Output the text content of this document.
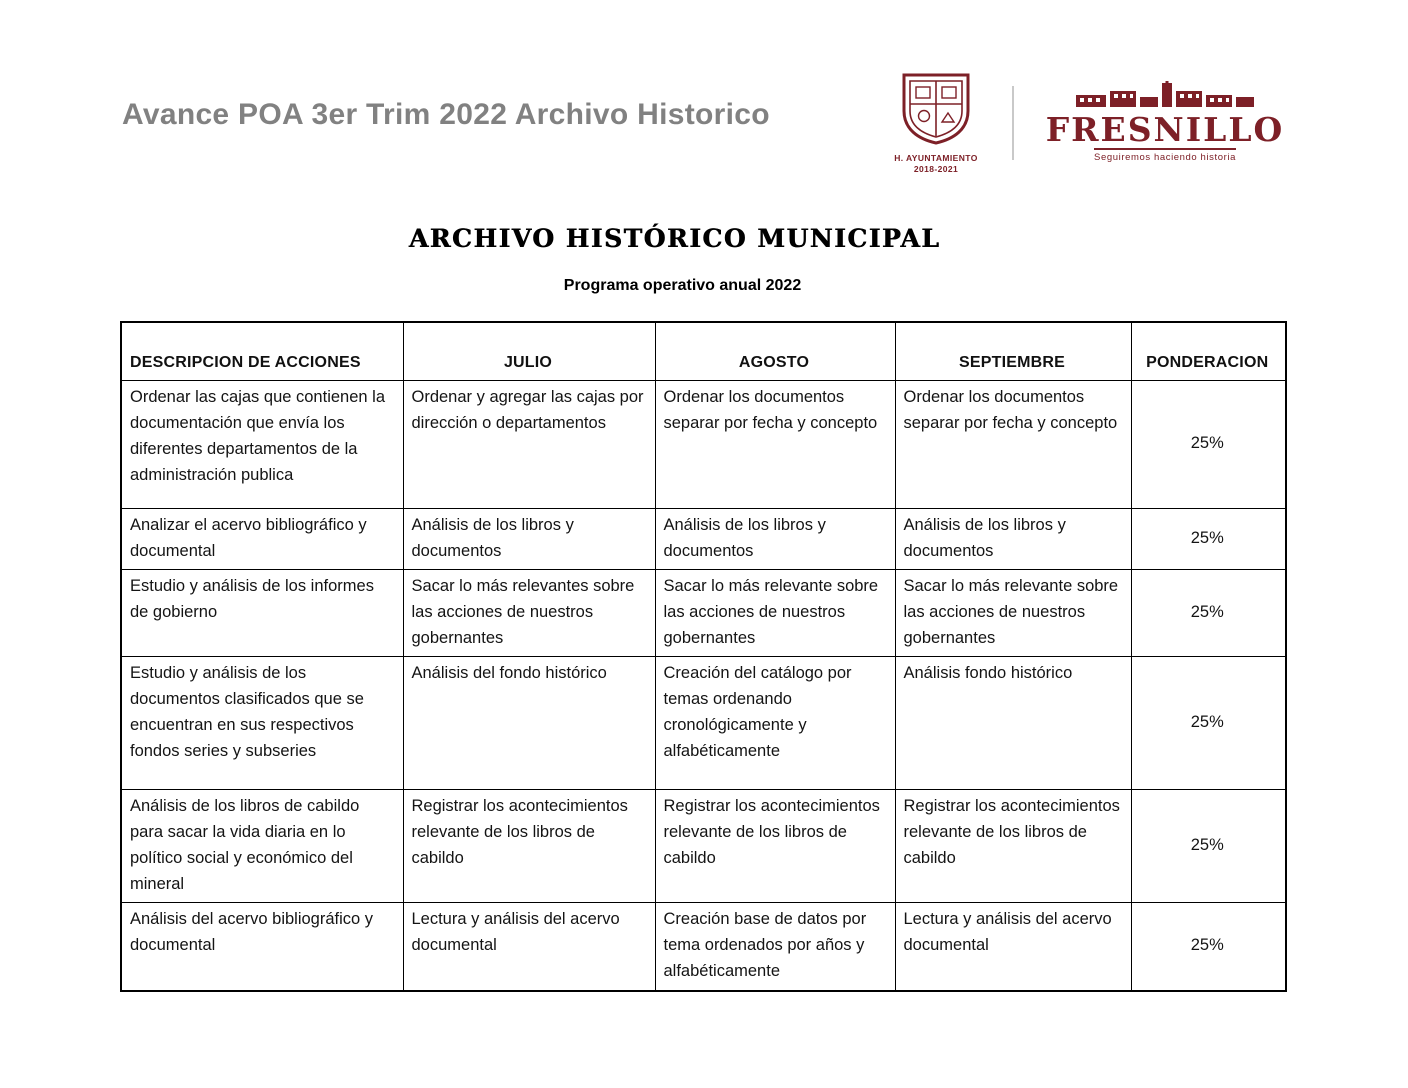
Avance POA 3er Trim 2022 Archivo Historico
H. AYUNTAMIENTO
2018-2021
FRESNILLO
Seguiremos haciendo historia
ARCHIVO HISTÓRICO MUNICIPAL
Programa operativo anual 2022
DESCRIPCION DE ACCIONES	JULIO	AGOSTO	SEPTIEMBRE	PONDERACION
Ordenar las cajas que contienen la documentación que envía los diferentes departamentos de la administración publica	Ordenar y agregar las cajas por dirección o departamentos	Ordenar los documentos separar por fecha y concepto	Ordenar los documentos separar por fecha y concepto	25%
Analizar el acervo bibliográfico y documental	Análisis de los libros y documentos	Análisis de los libros y documentos	Análisis de los libros y documentos	25%
Estudio y análisis de los informes de gobierno	Sacar lo más relevantes sobre las acciones de nuestros gobernantes	Sacar lo más relevante sobre las acciones de nuestros gobernantes	Sacar lo más relevante sobre las acciones de nuestros gobernantes	25%
Estudio y análisis de los documentos clasificados que se encuentran en sus respectivos fondos series y subseries	Análisis del fondo histórico	Creación del catálogo por temas ordenando cronológicamente y alfabéticamente	Análisis fondo histórico	25%
Análisis de los libros de cabildo para sacar la vida diaria en lo político social y económico del mineral	Registrar los acontecimientos relevante de los libros de cabildo	Registrar los acontecimientos relevante de los libros de cabildo	Registrar los acontecimientos relevante de los libros de cabildo	25%
Análisis del acervo bibliográfico y documental	Lectura y análisis del acervo documental	Creación base de datos por tema ordenados por años y alfabéticamente	Lectura y análisis del acervo documental	25%
